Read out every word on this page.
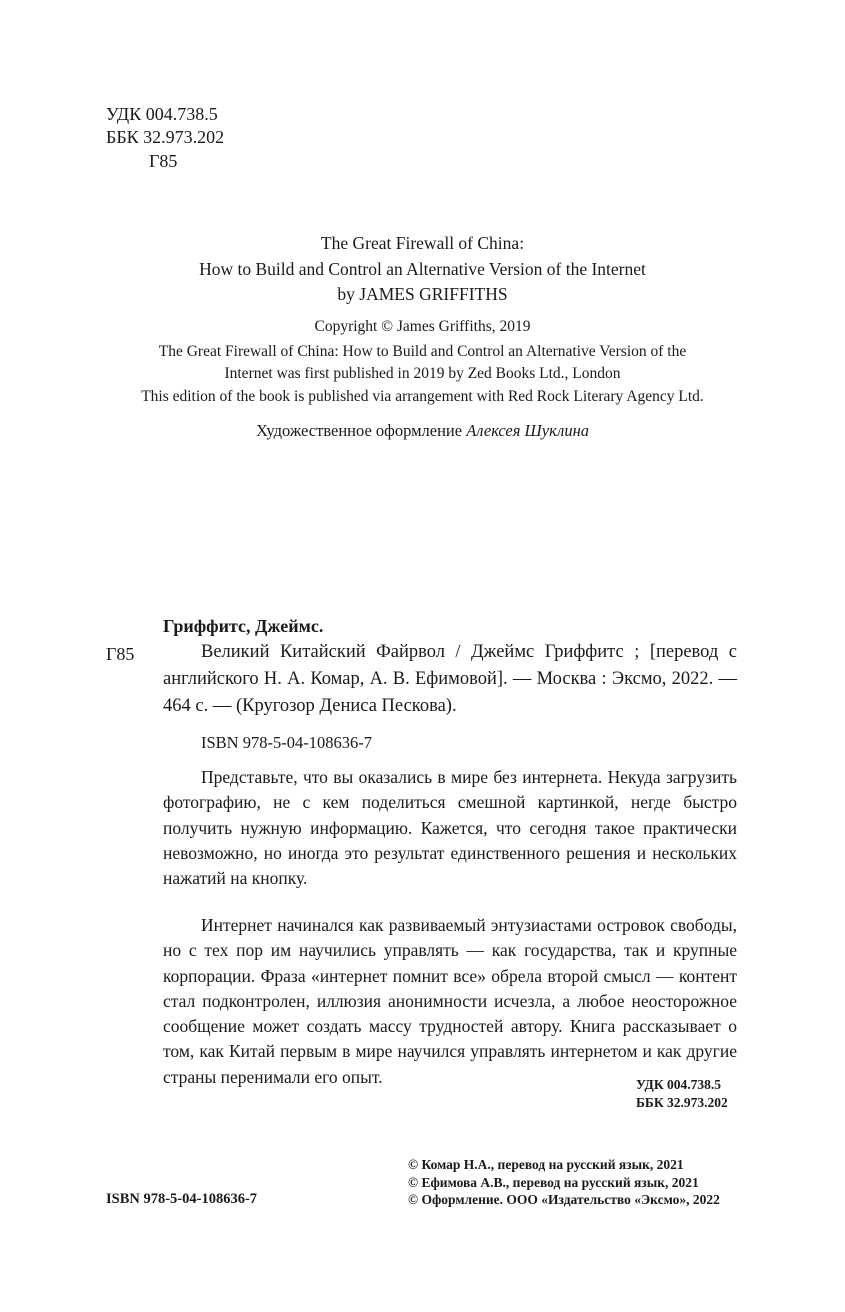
УДК 004.738.5
ББК 32.973.202
Г85
The Great Firewall of China:
How to Build and Control an Alternative Version of the Internet
by JAMES GRIFFITHS
Copyright © James Griffiths, 2019
The Great Firewall of China: How to Build and Control an Alternative Version of the
Internet was first published in 2019 by Zed Books Ltd., London
This edition of the book is published via arrangement with Red Rock Literary Agency Ltd.
Художественное оформление Алексея Шуклина
Гриффитс, Джеймс.
Г85	Великий Китайский Файрвол / Джеймс Гриффитс ; [перевод с английского Н. А. Комар, А. В. Ефимовой]. — Москва : Эксмо, 2022. — 464 с. — (Кругозор Дениса Пескова).
ISBN 978-5-04-108636-7

Представьте, что вы оказались в мире без интернета. Некуда загрузить фотографию, не с кем поделиться смешной картинкой, негде быстро получить нужную информацию. Кажется, что сегодня такое практически невозможно, но иногда это результат единственного решения и нескольких нажатий на кнопку.

Интернет начинался как развиваемый энтузиастами островок свободы, но с тех пор им научились управлять — как государства, так и крупные корпорации. Фраза «интернет помнит все» обрела второй смысл — контент стал подконтролен, иллюзия анонимности исчезла, а любое неосторожное сообщение может создать массу трудностей автору. Книга рассказывает о том, как Китай первым в мире научился управлять интернетом и как другие страны перенимали его опыт.	УДК 004.738.5
ББК 32.973.202
© Комар Н.А., перевод на русский язык, 2021
© Ефимова А.В., перевод на русский язык, 2021
© Оформление. ООО «Издательство «Эксмо», 2022
ISBN 978-5-04-108636-7
